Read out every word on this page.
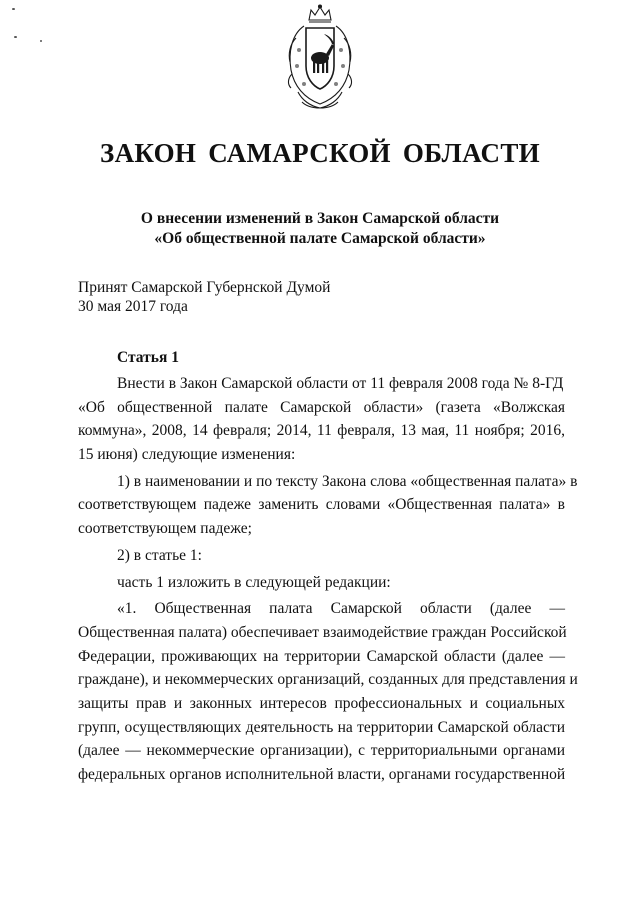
ЗАКОН САМАРСКОЙ ОБЛАСТИ
О внесении изменений в Закон Самарской области
«Об общественной палате Самарской области»
Принят Самарской Губернской Думой
30 мая 2017 года
Статья 1
Внести в Закон Самарской области от 11 февраля 2008 года № 8-ГД
«Об общественной палате Самарской области» (газета «Волжская
коммуна», 2008, 14 февраля; 2014, 11 февраля, 13 мая, 11 ноября; 2016,
15 июня) следующие изменения:
1) в наименовании и по тексту Закона слова «общественная палата» в
соответствующем падеже заменить словами «Общественная палата» в
соответствующем падеже;
2) в статье 1:
часть 1 изложить в следующей редакции:
«1. Общественная палата Самарской области (далее —
Общественная палата) обеспечивает взаимодействие граждан Российской
Федерации, проживающих на территории Самарской области (далее —
граждане), и некоммерческих организаций, созданных для представления и
защиты прав и законных интересов профессиональных и социальных
групп, осуществляющих деятельность на территории Самарской области
(далее — некоммерческие организации), с территориальными органами
федеральных органов исполнительной власти, органами государственной
